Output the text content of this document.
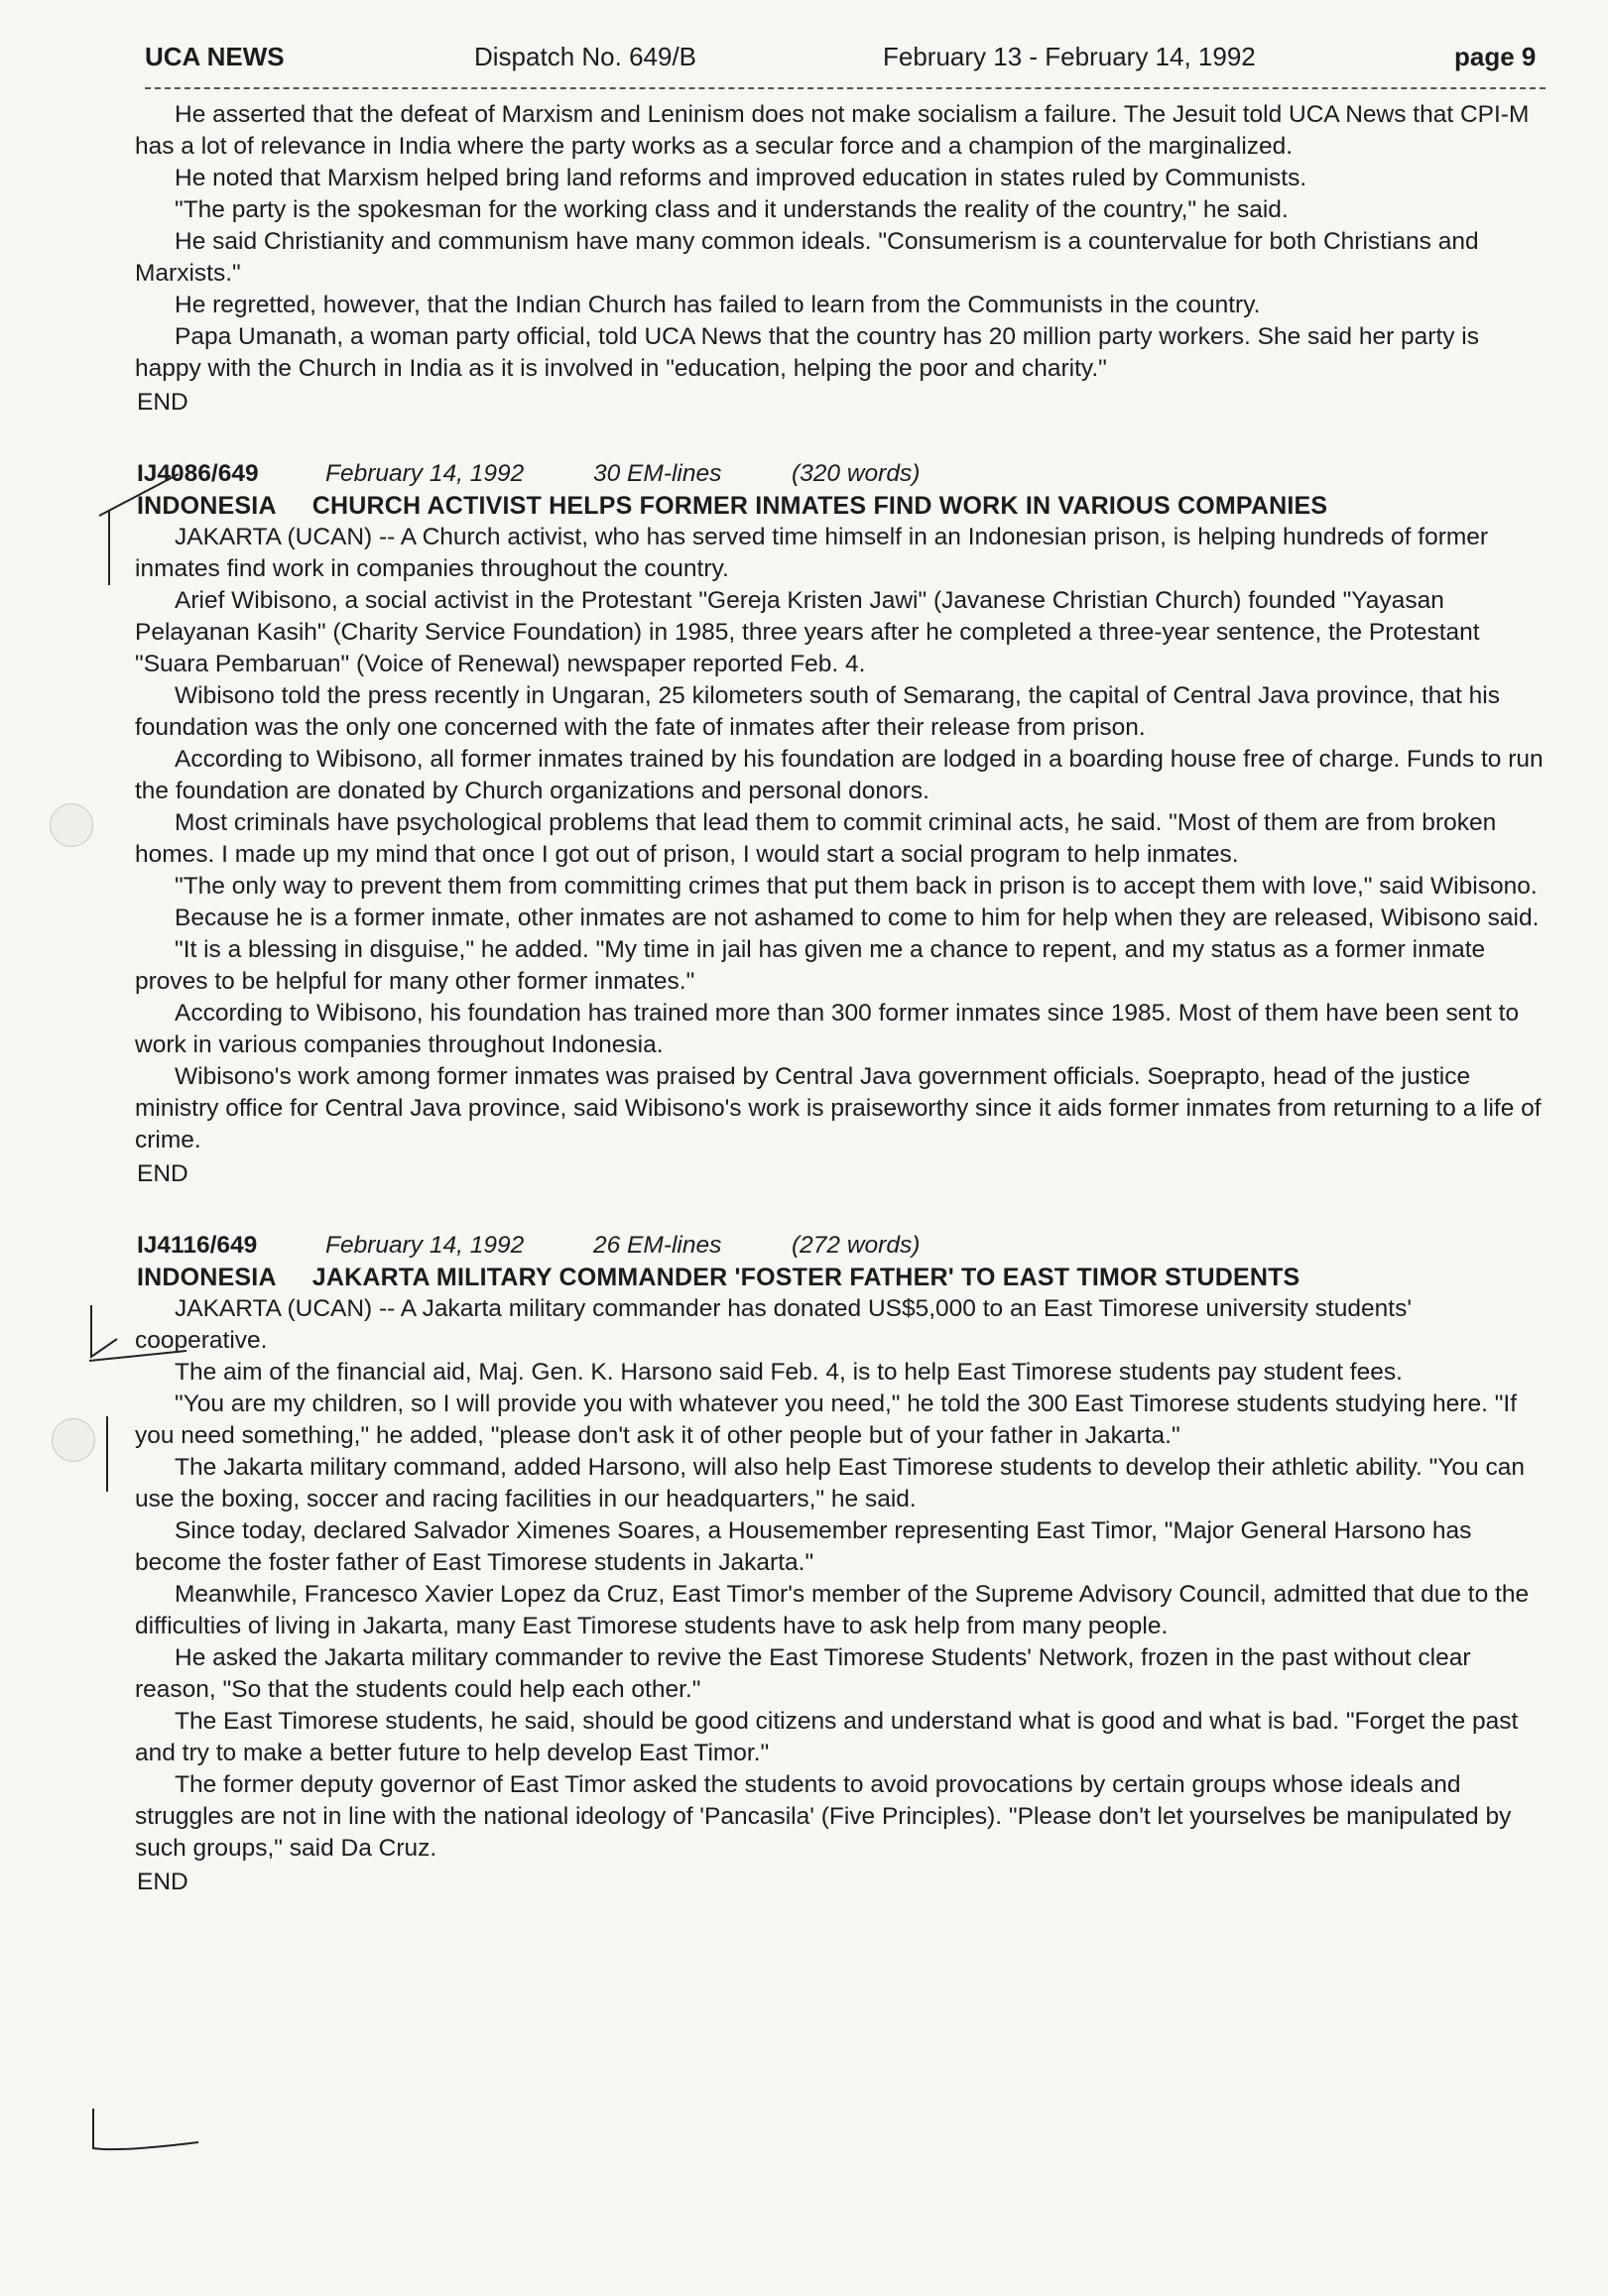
UCA NEWS	Dispatch No. 649/B	February 13 - February 14, 1992	page 9

He asserted that the defeat of Marxism and Leninism does not make socialism a failure. The Jesuit told UCA News that CPI-M has a lot of relevance in India where the party works as a secular force and a champion of the marginalized.

He noted that Marxism helped bring land reforms and improved education in states ruled by Communists.

"The party is the spokesman for the working class and it understands the reality of the country," he said.

He said Christianity and communism have many common ideals. "Consumerism is a countervalue for both Christians and Marxists."

He regretted, however, that the Indian Church has failed to learn from the Communists in the country.

Papa Umanath, a woman party official, told UCA News that the country has 20 million party workers. She said her party is happy with the Church in India as it is involved in "education, helping the poor and charity."

END
IJ4086/649	February 14, 1992	30 EM-lines	(320 words)
INDONESIA CHURCH ACTIVIST HELPS FORMER INMATES FIND WORK IN VARIOUS COMPANIES

JAKARTA (UCAN) -- A Church activist, who has served time himself in an Indonesian prison, is helping hundreds of former inmates find work in companies throughout the country.

Arief Wibisono, a social activist in the Protestant "Gereja Kristen Jawi" (Javanese Christian Church) founded "Yayasan Pelayanan Kasih" (Charity Service Foundation) in 1985, three years after he completed a three-year sentence, the Protestant "Suara Pembaruan" (Voice of Renewal) newspaper reported Feb. 4.

Wibisono told the press recently in Ungaran, 25 kilometers south of Semarang, the capital of Central Java province, that his foundation was the only one concerned with the fate of inmates after their release from prison.

According to Wibisono, all former inmates trained by his foundation are lodged in a boarding house free of charge. Funds to run the foundation are donated by Church organizations and personal donors.

Most criminals have psychological problems that lead them to commit criminal acts, he said. "Most of them are from broken homes. I made up my mind that once I got out of prison, I would start a social program to help inmates.

"The only way to prevent them from committing crimes that put them back in prison is to accept them with love," said Wibisono.

Because he is a former inmate, other inmates are not ashamed to come to him for help when they are released, Wibisono said.

"It is a blessing in disguise," he added. "My time in jail has given me a chance to repent, and my status as a former inmate proves to be helpful for many other former inmates."

According to Wibisono, his foundation has trained more than 300 former inmates since 1985. Most of them have been sent to work in various companies throughout Indonesia.

Wibisono's work among former inmates was praised by Central Java government officials. Soeprapto, head of the justice ministry office for Central Java province, said Wibisono's work is praiseworthy since it aids former inmates from returning to a life of crime.

END
IJ4116/649	February 14, 1992	26 EM-lines	(272 words)
INDONESIA JAKARTA MILITARY COMMANDER 'FOSTER FATHER' TO EAST TIMOR STUDENTS

JAKARTA (UCAN) -- A Jakarta military commander has donated US$5,000 to an East Timorese university students' cooperative.

The aim of the financial aid, Maj. Gen. K. Harsono said Feb. 4, is to help East Timorese students pay student fees.

"You are my children, so I will provide you with whatever you need," he told the 300 East Timorese students studying here. "If you need something," he added, "please don't ask it of other people but of your father in Jakarta."

The Jakarta military command, added Harsono, will also help East Timorese students to develop their athletic ability. "You can use the boxing, soccer and racing facilities in our headquarters," he said.

Since today, declared Salvador Ximenes Soares, a Housemember representing East Timor, "Major General Harsono has become the foster father of East Timorese students in Jakarta."

Meanwhile, Francesco Xavier Lopez da Cruz, East Timor's member of the Supreme Advisory Council, admitted that due to the difficulties of living in Jakarta, many East Timorese students have to ask help from many people.

He asked the Jakarta military commander to revive the East Timorese Students' Network, frozen in the past without clear reason, "So that the students could help each other."

The East Timorese students, he said, should be good citizens and understand what is good and what is bad. "Forget the past and try to make a better future to help develop East Timor."

The former deputy governor of East Timor asked the students to avoid provocations by certain groups whose ideals and struggles are not in line with the national ideology of 'Pancasila' (Five Principles). "Please don't let yourselves be manipulated by such groups," said Da Cruz.

END
